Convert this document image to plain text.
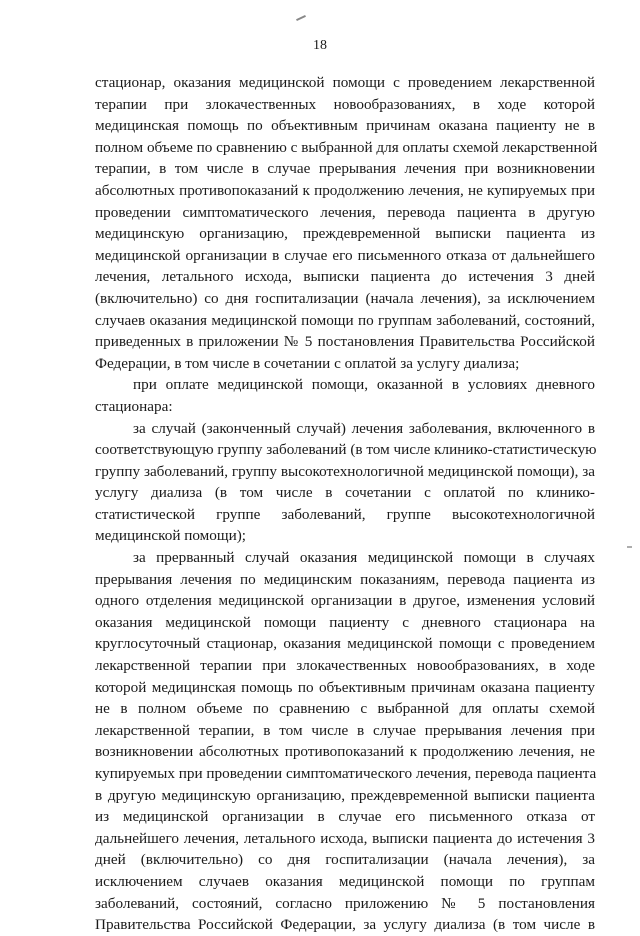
18
стационар, оказания медицинской помощи с проведением лекарственной
терапии при злокачественных новообразованиях, в ходе которой
медицинская помощь по объективным причинам оказана пациенту не в
полном объеме по сравнению с выбранной для оплаты схемой лекарственной
терапии, в том числе в случае прерывания лечения при возникновении
абсолютных противопоказаний к продолжению лечения, не купируемых при
проведении симптоматического лечения, перевода пациента в другую
медицинскую организацию, преждевременной выписки пациента из
медицинской организации в случае его письменного отказа от дальнейшего
лечения, летального исхода, выписки пациента до истечения 3 дней
(включительно) со дня госпитализации (начала лечения), за исключением
случаев оказания медицинской помощи по группам заболеваний, состояний,
приведенных в приложении № 5 постановления Правительства Российской
Федерации, в том числе в сочетании с оплатой за услугу диализа;
при оплате медицинской помощи, оказанной в условиях дневного
стационара:
за случай (законченный случай) лечения заболевания, включенного в
соответствующую группу заболеваний (в том числе клинико-статистическую
группу заболеваний, группу высокотехнологичной медицинской помощи), за
услугу диализа (в том числе в сочетании с оплатой по клинико-
статистической группе заболеваний, группе высокотехнологичной
медицинской помощи);
за прерванный случай оказания медицинской помощи в случаях
прерывания лечения по медицинским показаниям, перевода пациента из
одного отделения медицинской организации в другое, изменения условий
оказания медицинской помощи пациенту с дневного стационара на
круглосуточный стационар, оказания медицинской помощи с проведением
лекарственной терапии при злокачественных новообразованиях, в ходе
которой медицинская помощь по объективным причинам оказана пациенту
не в полном объеме по сравнению с выбранной для оплаты схемой
лекарственной терапии, в том числе в случае прерывания лечения при
возникновении абсолютных противопоказаний к продолжению лечения, не
купируемых при проведении симптоматического лечения, перевода пациента
в другую медицинскую организацию, преждевременной выписки пациента
из медицинской организации в случае его письменного отказа от
дальнейшего лечения, летального исхода, выписки пациента до истечения 3
дней (включительно) со дня госпитализации (начала лечения), за
исключением случаев оказания медицинской помощи по группам
заболеваний, состояний, согласно приложению № 5 постановления
Правительства Российской Федерации, за услугу диализа (в том числе в
